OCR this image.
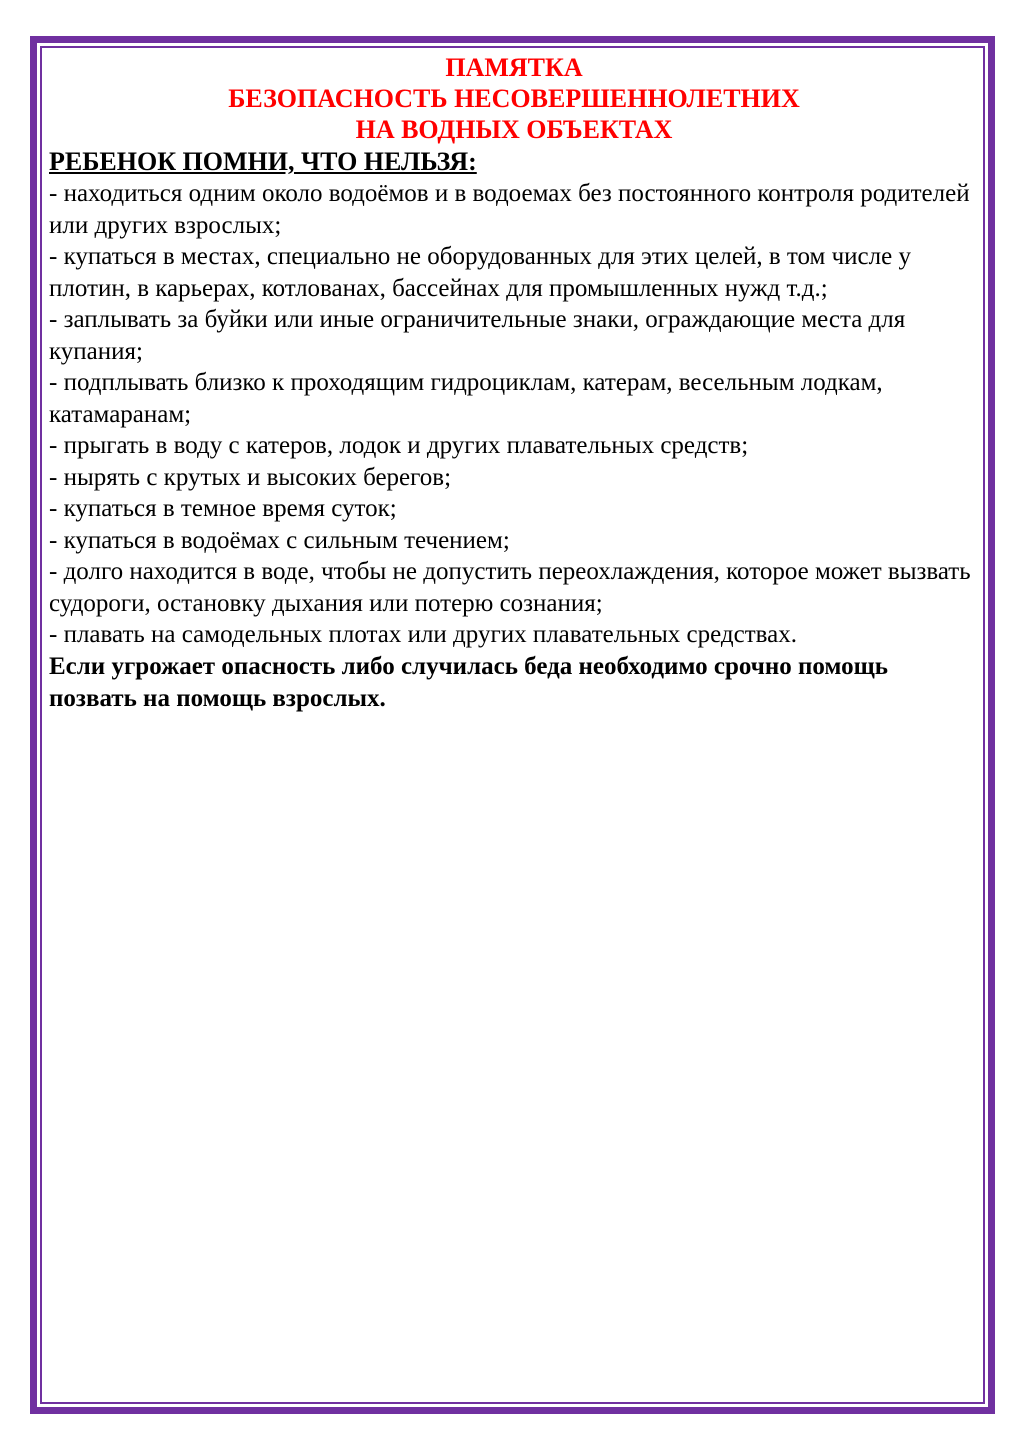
ПАМЯТКА

БЕЗОПАСНОСТЬ НЕСОВЕРШЕННОЛЕТНИХ

НА ВОДНЫХ ОБЪЕКТАХ

РЕБЕНОК ПОМНИ, ЧТО НЕЛЬЗЯ:

- находиться одним около водоёмов и в водоемах без постоянного контроля родителей или других взрослых;

- купаться в местах, специально не оборудованных для этих целей, в том числе у плотин, в карьерах, котлованах, бассейнах для промышленных нужд т.д.;

- заплывать за буйки или иные ограничительные знаки, ограждающие места для купания;

- подплывать близко к проходящим гидроциклам, катерам, весельным лодкам, катамаранам;

- прыгать в воду с катеров, лодок и других плавательных средств;

- нырять с крутых и высоких берегов;

- купаться в темное время суток;

- купаться в водоёмах с сильным течением;

- долго находится в воде, чтобы не допустить переохлаждения, которое может вызвать судороги, остановку дыхания или потерю сознания;

- плавать на самодельных плотах или других плавательных средствах.

Если угрожает опасность либо случилась беда необходимо срочно помощь позвать на помощь взрослых.
